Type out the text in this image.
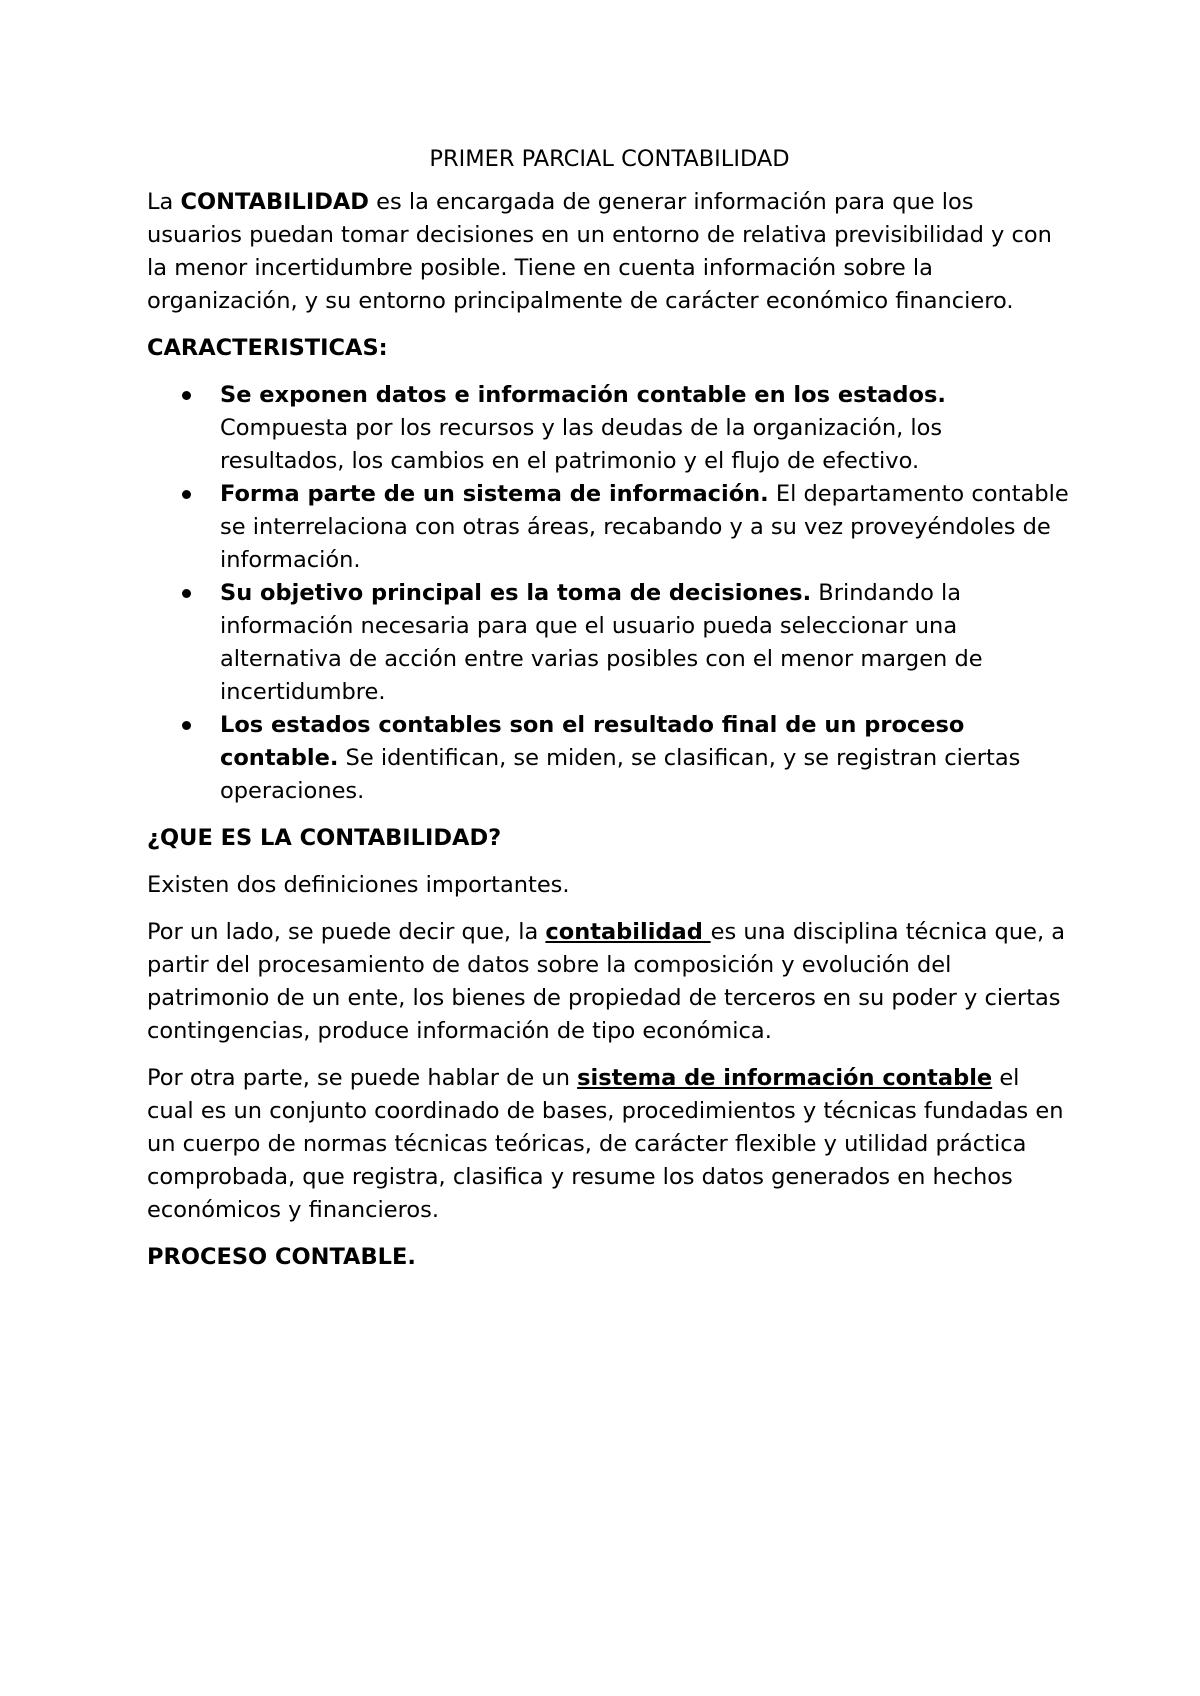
PRIMER PARCIAL CONTABILIDAD

La CONTABILIDAD es la encargada de generar información para que los usuarios puedan tomar decisiones en un entorno de relativa previsibilidad y con la menor incertidumbre posible. Tiene en cuenta información sobre la organización, y su entorno principalmente de carácter económico financiero.

CARACTERISTICAS:
Se exponen datos e información contable en los estados. Compuesta por los recursos y las deudas de la organización, los resultados, los cambios en el patrimonio y el flujo de efectivo.
Forma parte de un sistema de información. El departamento contable se interrelaciona con otras áreas, recabando y a su vez proveyéndoles de información.
Su objetivo principal es la toma de decisiones. Brindando la información necesaria para que el usuario pueda seleccionar una alternativa de acción entre varias posibles con el menor margen de incertidumbre.
Los estados contables son el resultado final de un proceso contable. Se identifican, se miden, se clasifican, y se registran ciertas operaciones.
¿QUE ES LA CONTABILIDAD?

Existen dos definiciones importantes.

Por un lado, se puede decir que, la contabilidad es una disciplina técnica que, a partir del procesamiento de datos sobre la composición y evolución del patrimonio de un ente, los bienes de propiedad de terceros en su poder y ciertas contingencias, produce información de tipo económica.

Por otra parte, se puede hablar de un sistema de información contable el cual es un conjunto coordinado de bases, procedimientos y técnicas fundadas en un cuerpo de normas técnicas teóricas, de carácter flexible y utilidad práctica comprobada, que registra, clasifica y resume los datos generados en hechos económicos y financieros.

PROCESO CONTABLE.
